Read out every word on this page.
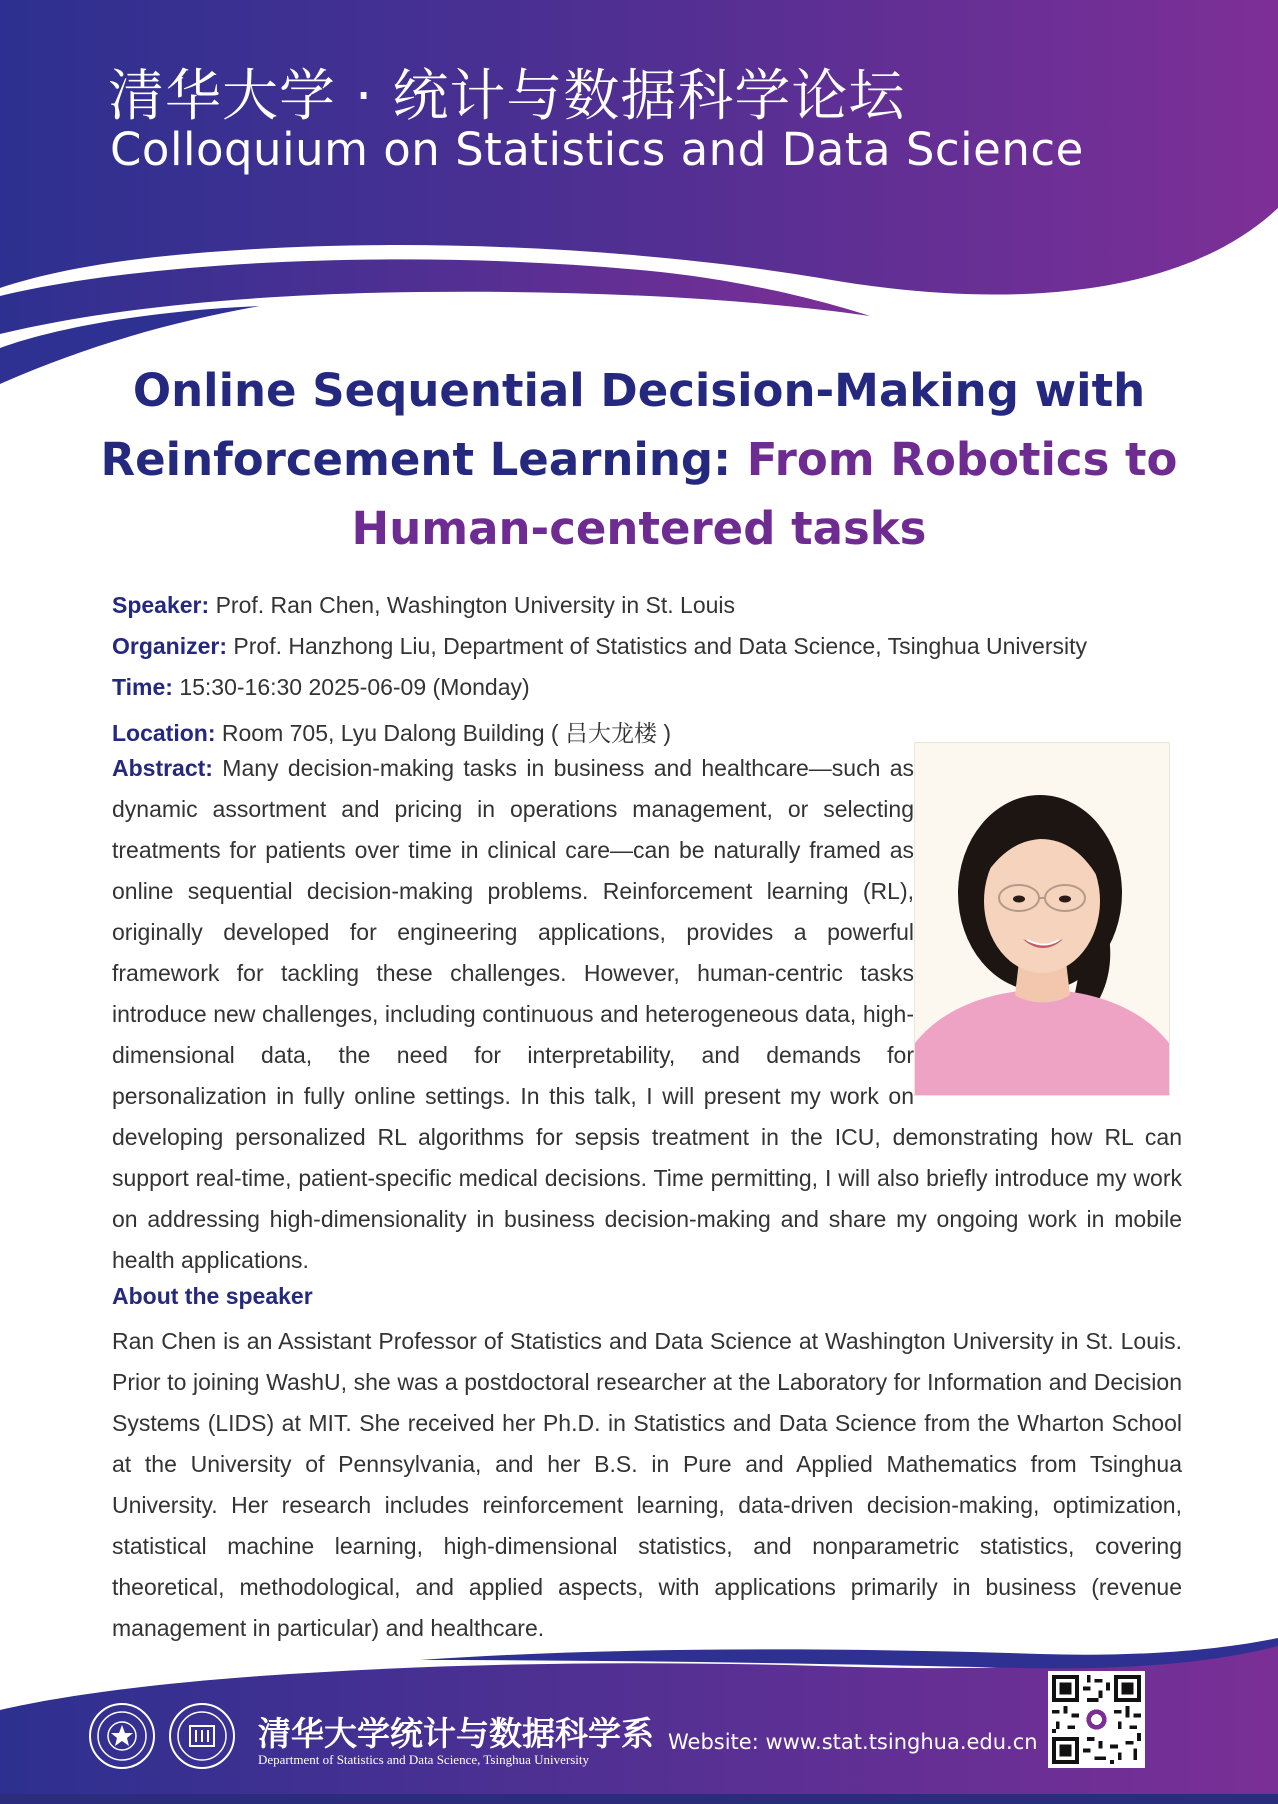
清华大学 · 统计与数据科学论坛
Colloquium on Statistics and Data Science
Online Sequential Decision-Making with
Reinforcement Learning: From Robotics to
Human-centered tasks
Speaker: Prof. Ran Chen, Washington University in St. Louis
Organizer: Prof. Hanzhong Liu, Department of Statistics and Data Science, Tsinghua University
Time: 15:30-16:30 2025-06-09 (Monday)
Location: Room 705, Lyu Dalong Building ( 吕大龙楼 )
Abstract: Many decision-making tasks in business and healthcare—such as dynamic assortment and pricing in operations management, or selecting treatments for patients over time in clinical care—can be naturally framed as online sequential decision-making problems. Reinforcement learning (RL), originally developed for engineering applications, provides a powerful framework for tackling these challenges. However, human-centric tasks introduce new challenges, including continuous and heterogeneous data, high-dimensional data, the need for interpretability, and demands for personalization in fully online settings. In this talk, I will present my work on developing personalized RL algorithms for sepsis treatment in the ICU, demonstrating how RL can support real-time, patient-specific medical decisions. Time permitting, I will also briefly introduce my work on addressing high-dimensionality in business decision-making and share my ongoing work in mobile health applications.
About the speaker
Ran Chen is an Assistant Professor of Statistics and Data Science at Washington University in St. Louis. Prior to joining WashU, she was a postdoctoral researcher at the Laboratory for Information and Decision Systems (LIDS) at MIT. She received her Ph.D. in Statistics and Data Science from the Wharton School at the University of Pennsylvania, and her B.S. in Pure and Applied Mathematics from Tsinghua University. Her research includes reinforcement learning, data-driven decision-making, optimization, statistical machine learning, high-dimensional statistics, and nonparametric statistics, covering theoretical, methodological, and applied aspects, with applications primarily in business (revenue management in particular) and healthcare.
清华大学统计与数据科学系
Department of Statistics and Data Science, Tsinghua University
Website: www.stat.tsinghua.edu.cn
